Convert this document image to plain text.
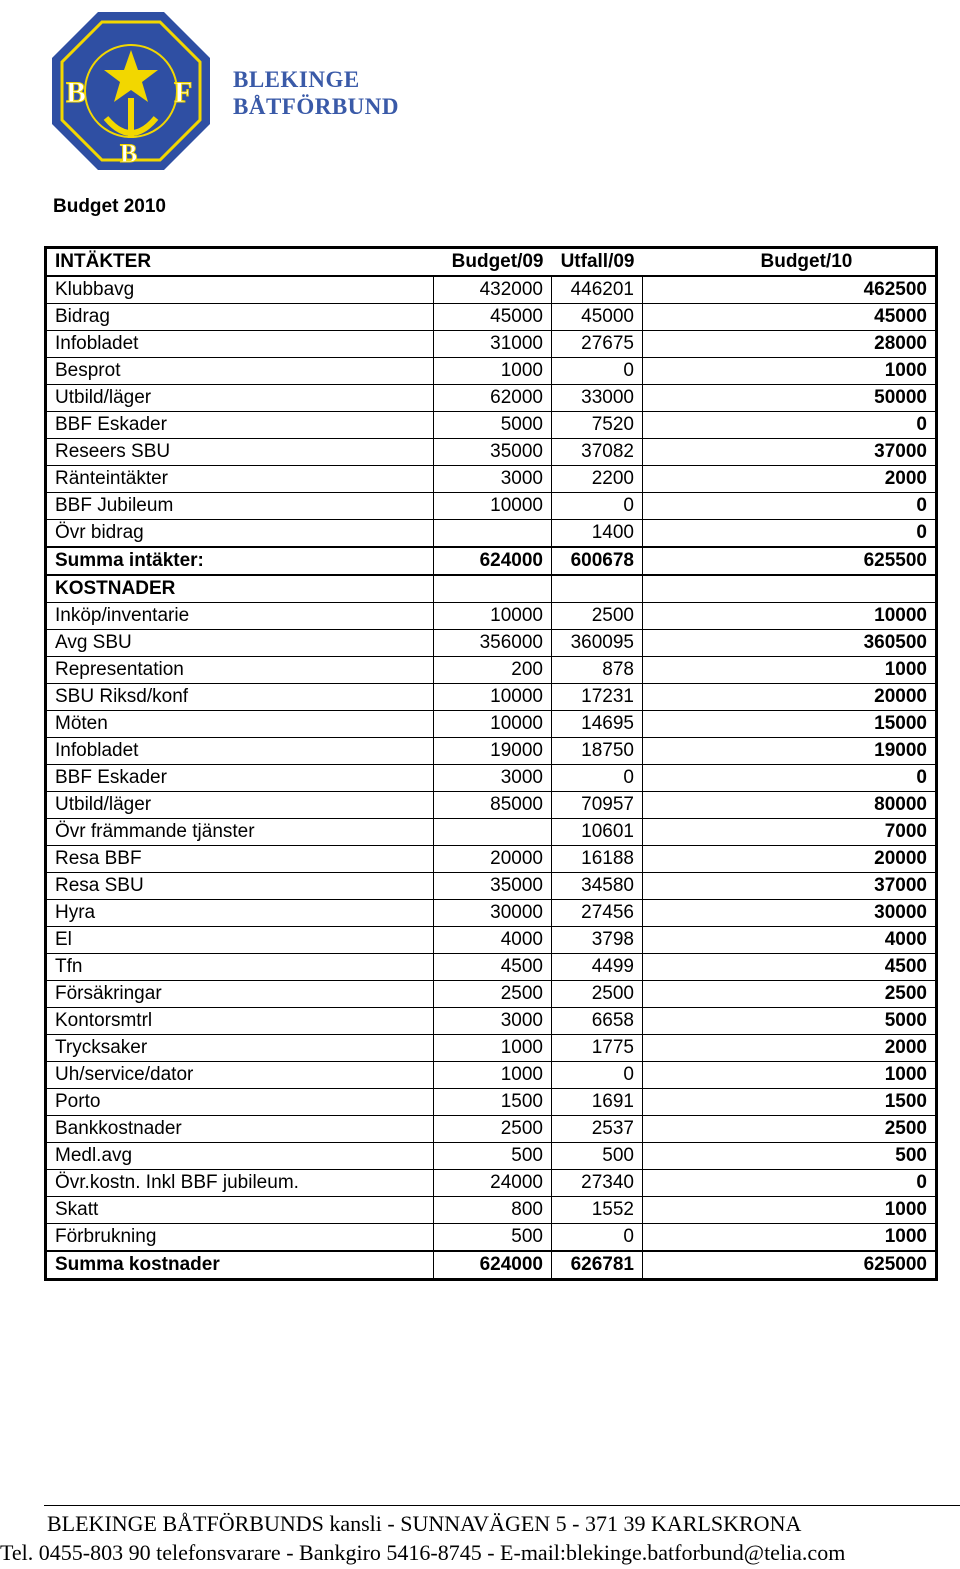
B	F
B
BLEKINGE
BÅTFÖRBUND
Budget 2010
INTÄKTER	Budget/09	Utfall/09		Budget/10
Klubbavg	432000	446201	462500	
Bidrag	45000	45000	45000	
Infobladet	31000	27675	28000	
Besprot	1000	0	1000	
Utbild/läger	62000	33000	50000	
BBF Eskader	5000	7520	0	
Reseers SBU	35000	37082	37000	
Ränteintäkter	3000	2200	2000	
BBF Jubileum	10000	0	0	
Övr bidrag		1400	0	
Summa intäkter:	624000	600678	625500	
KOSTNADER				
Inköp/inventarie	10000	2500	10000	
Avg SBU	356000	360095	360500	
Representation	200	878	1000	
SBU Riksd/konf	10000	17231	20000	
Möten	10000	14695	15000	
Infobladet	19000	18750	19000	
BBF Eskader	3000	0	0	
Utbild/läger	85000	70957	80000	
Övr främmande tjänster		10601	7000	
Resa BBF	20000	16188	20000	
Resa SBU	35000	34580	37000	
Hyra	30000	27456	30000	
El	4000	3798	4000	
Tfn	4500	4499	4500	
Försäkringar	2500	2500	2500	
Kontorsmtrl	3000	6658	5000	
Trycksaker	1000	1775	2000	
Uh/service/dator	1000	0	1000	
Porto	1500	1691	1500	
Bankkostnader	2500	2537	2500	
Medl.avg	500	500	500	
Övr.kostn. Inkl BBF jubileum.	24000	27340	0	
Skatt	800	1552	1000	
Förbrukning	500	0	1000	
Summa kostnader	624000	626781	625000	
BLEKINGE BÅTFÖRBUNDS kansli - SUNNAVÄGEN 5 - 371 39 KARLSKRONA
Tel. 0455-803 90 telefonsvarare - Bankgiro 5416-8745 - E-mail:blekinge.batforbund@telia.com
